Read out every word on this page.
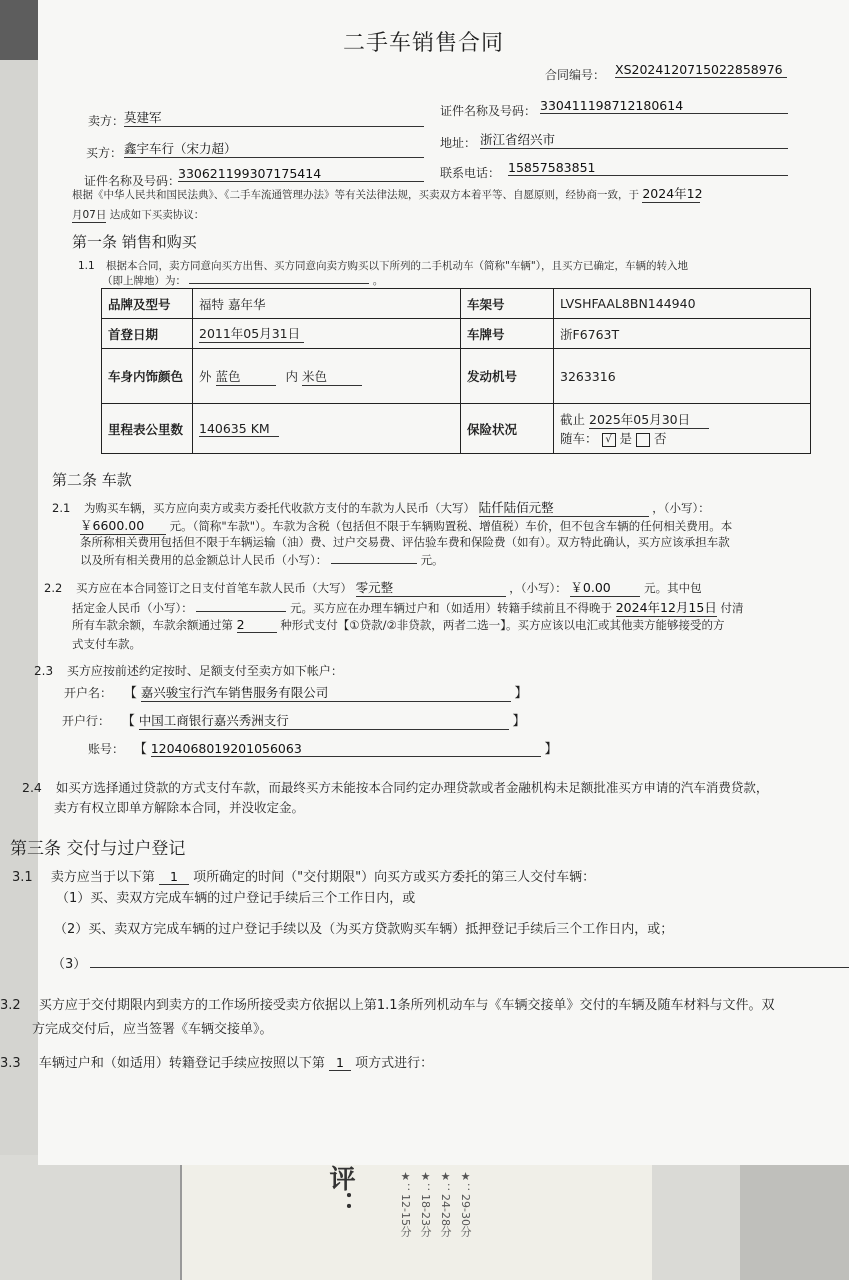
评：	★：12-15分 ★：18-23分 ★：24-28分 ★：29-30分
二手车销售合同
合同编号： XS2024120715022858976
卖方： 莫建军	证件名称及号码： 330411198712180614
买方： 鑫宇车行（宋力超）	地址： 浙江省绍兴市
证件名称及号码：
330621199307175414	联系电话： 15857583851
根据《中华人民共和国民法典》、《二手车流通管理办法》等有关法律法规，买卖双方本着平等、自愿原则，经协商一致，于 2024年12
月07日 达成如下买卖协议：
第一条 销售和购买
1.1 根据本合同，卖方同意向买方出售、买方同意向卖方购买以下所列的二手机动车（简称"车辆"），且买方已确定，车辆的转入地
（即上牌地）为：	。
品牌及型号	福特 嘉年华	车架号	LVSHFAAL8BN144940
首登日期	2011年05月31日	车牌号	浙F6763T
车身内饰颜色	外 蓝色 内 米色	发动机号	3263316
里程表公里数	140635 KM	保险状况	截止 2025年05月30日
随车： √ 是 否
第二条 车款
2.1 为购买车辆，买方应向卖方或卖方委托代收款方支付的车款为人民币（大写） 陆仟陆佰元整	，（小写）：
￥6600.00 元。（简称"车款"）。车款为含税（包括但不限于车辆购置税、增值税）车价，但不包含车辆的任何相关费用。本
条所称相关费用包括但不限于车辆运输（油）费、过户交易费、评估验车费和保险费（如有）。双方特此确认，买方应该承担车款
以及所有相关费用的总金额总计人民币（小写）：	元。
2.2 买方应在本合同签订之日支付首笔车款人民币（大写） 零元整	，（小写）： ￥0.00	元。其中包
括定金人民币（小写）：	元。买方应在办理车辆过户和（如适用）转籍手续前且不得晚于 2024年12月15日 付清
所有车款余额，车款余额通过第 2	种形式支付【①贷款/②非贷款，两者二选一】。买方应该以电汇或其他卖方能够接受的方
式支付车款。
2.3 买方应按前述约定按时、足额支付至卖方如下帐户：
开户名： 【 嘉兴骏宝行汽车销售服务有限公司	】
开户行： 【 中国工商银行嘉兴秀洲支行	】
账号： 【 1204068019201056063	】
2.4 如买方选择通过贷款的方式支付车款，而最终买方未能按本合同约定办理贷款或者金融机构未足额批准买方申请的汽车消费贷款，
卖方有权立即单方解除本合同，并没收定金。
第三条 交付与过户登记
3.1 卖方应当于以下第 1 项所确定的时间（"交付期限"）向买方或买方委托的第三人交付车辆：
（1）买、卖双方完成车辆的过户登记手续后三个工作日内，或
（2）买、卖双方完成车辆的过户登记手续以及（为买方贷款购买车辆）抵押登记手续后三个工作日内，或；
（3）
3.2 买方应于交付期限内到卖方的工作场所接受卖方依据以上第1.1条所列机动车与《车辆交接单》交付的车辆及随车材料与文件。双
方完成交付后，应当签署《车辆交接单》。
3.3 车辆过户和（如适用）转籍登记手续应按照以下第 1 项方式进行：
